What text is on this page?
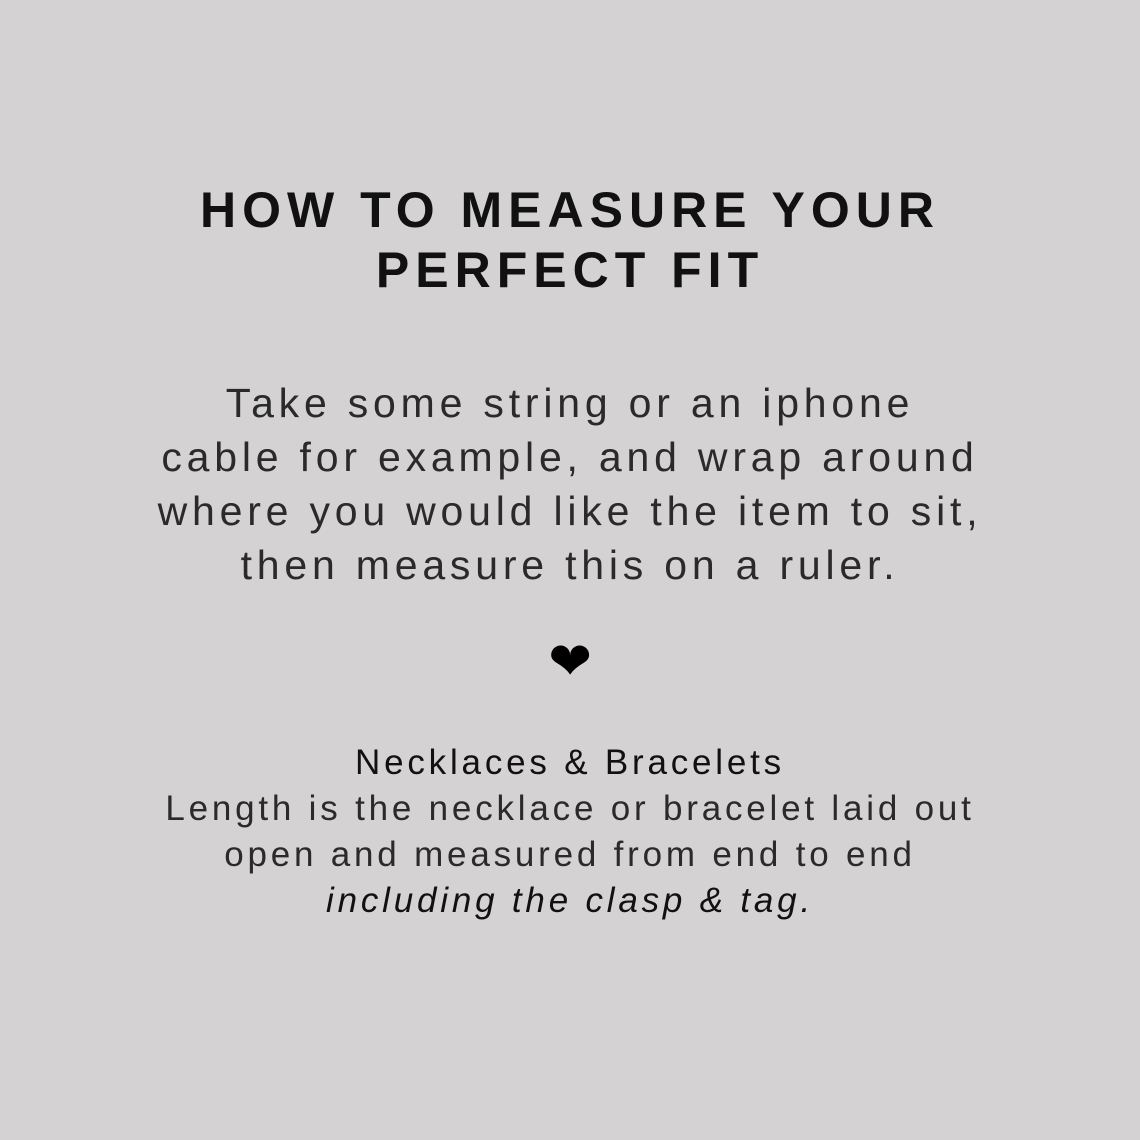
HOW TO MEASURE YOUR
PERFECT FIT
Take some string or an iphone
cable for example, and wrap around
where you would like the item to sit,
then measure this on a ruler.
❤
Necklaces & Bracelets
Length is the necklace or bracelet laid out
open and measured from end to end
including the clasp & tag.
